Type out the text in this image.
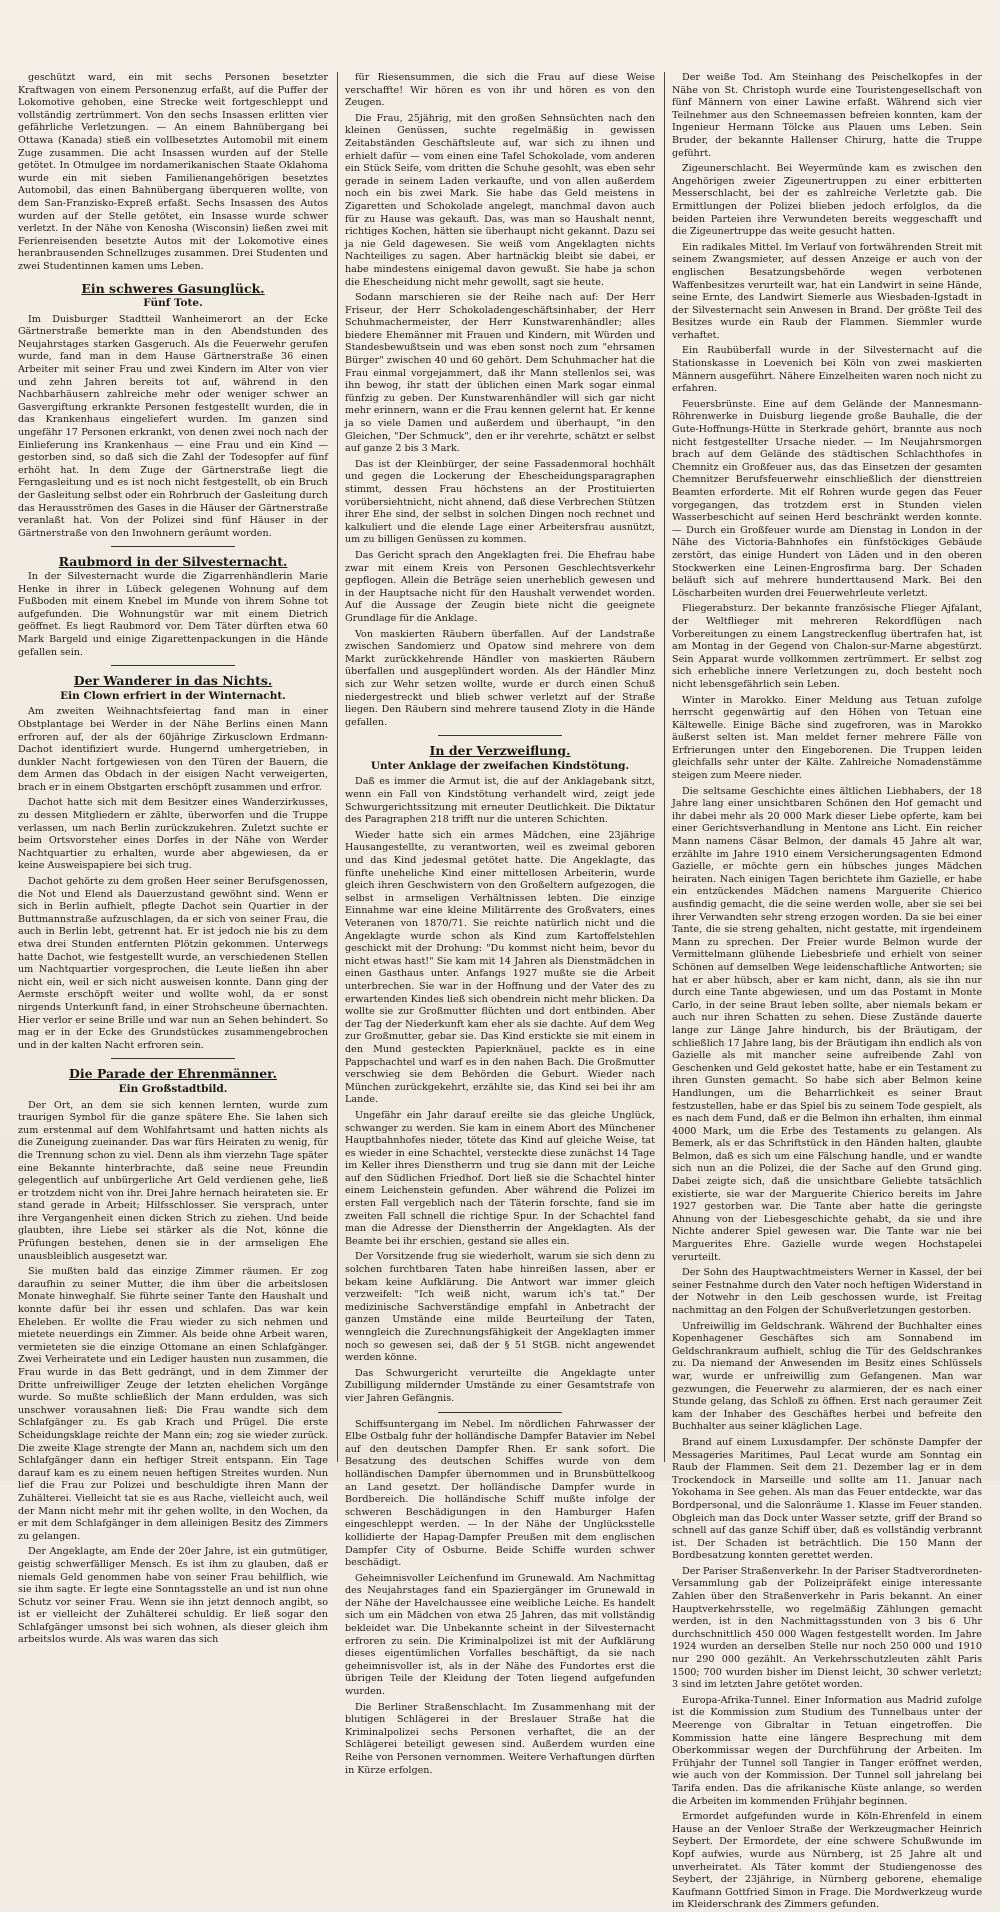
geschützt ward, ein mit sechs Personen besetzter Kraftwagen von einem Personenzug erfaßt, auf die Puffer der Lokomotive gehoben, eine Strecke weit fortgeschleppt und vollständig zertrümmert. Von den sechs Insassen erlitten vier gefährliche Verletzungen. — An einem Bahnübergang bei Ottawa (Kanada) stieß ein vollbesetztes Automobil mit einem Zuge zusammen. Die acht Insassen wurden auf der Stelle getötet. In Otmulgee im nordamerikanischen Staate Oklahoma wurde ein mit sieben Familienangehörigen besetztes Automobil, das einen Bahnübergang überqueren wollte, von dem San-Franzisko-Expreß erfaßt. Sechs Insassen des Autos wurden auf der Stelle getötet, ein Insasse wurde schwer verletzt. In der Nähe von Kenosha (Wisconsin) ließen zwei mit Ferienreisenden besetzte Autos mit der Lokomotive eines heranbrausenden Schnellzuges zusammen. Drei Studenten und zwei Studentinnen kamen ums Leben.

Ein schweres Gasunglück.
Fünf Tote.

Im Duisburger Stadtteil Wanheimerort an der Ecke Gärtnerstraße bemerkte man in den Abendstunden des Neujahrstages starken Gasgeruch. Als die Feuerwehr gerufen wurde, fand man in dem Hause Gärtnerstraße 36 einen Arbeiter mit seiner Frau und zwei Kindern im Alter von vier und zehn Jahren bereits tot auf, während in den Nachbarhäusern zahlreiche mehr oder weniger schwer an Gasvergiftung erkrankte Personen festgestellt wurden, die in das Krankenhaus eingeliefert wurden. Im ganzen sind ungefähr 17 Personen erkrankt, von denen zwei noch nach der Einlieferung ins Krankenhaus — eine Frau und ein Kind — gestorben sind, so daß sich die Zahl der Todesopfer auf fünf erhöht hat. In dem Zuge der Gärtnerstraße liegt die Ferngasleitung und es ist noch nicht festgestellt, ob ein Bruch der Gasleitung selbst oder ein Rohrbruch der Gasleitung durch das Herausströmen des Gases in die Häuser der Gärtnerstraße veranlaßt hat. Von der Polizei sind fünf Häuser in der Gärtnerstraße von den Inwohnern geräumt worden.

Raubmord in der Silvesternacht.

In der Silvesternacht wurde die Zigarrenhändlerin Marie Henke in ihrer in Lübeck gelegenen Wohnung auf dem Fußboden mit einem Knebel im Munde von ihrem Sohne tot aufgefunden. Die Wohnungstür war mit einem Dietrich geöffnet. Es liegt Raubmord vor. Dem Täter dürften etwa 60 Mark Bargeld und einige Zigarettenpackungen in die Hände gefallen sein.

Der Wanderer in das Nichts.
Ein Clown erfriert in der Winternacht.

Am zweiten Weihnachtsfeiertag fand man in einer Obstplantage bei Werder in der Nähe Berlins einen Mann erfroren auf, der als der 60jährige Zirkusclown Erdmann-Dachot identifiziert wurde. Hungernd umhergetrieben, in dunkler Nacht fortgewiesen von den Türen der Bauern, die dem Armen das Obdach in der eisigen Nacht verweigerten, brach er in einem Obstgarten erschöpft zusammen und erfror.

Dachot hatte sich mit dem Besitzer eines Wanderzirkusses, zu dessen Mitgliedern er zählte, überworfen und die Truppe verlassen, um nach Berlin zurückzukehren. Zuletzt suchte er beim Ortsvorsteher eines Dorfes in der Nähe von Werder Nachtquartier zu erhalten, wurde aber abgewiesen, da er keine Ausweispapiere bei sich trug.

Dachot gehörte zu dem großen Heer seiner Berufsgenossen, die Not und Elend als Dauerzustand gewöhnt sind. Wenn er sich in Berlin aufhielt, pflegte Dachot sein Quartier in der Buttmannstraße aufzuschlagen, da er sich von seiner Frau, die auch in Berlin lebt, getrennt hat. Er ist jedoch nie bis zu dem etwa drei Stunden entfernten Plötzin gekommen. Unterwegs hatte Dachot, wie festgestellt wurde, an verschiedenen Stellen um Nachtquartier vorgesprochen, die Leute ließen ihn aber nicht ein, weil er sich nicht ausweisen konnte. Dann ging der Aermste erschöpft weiter und wollte wohl, da er sonst nirgends Unterkunft fand, in einer Strohscheune übernachten. Hier verlor er seine Brille und war nun an Sehen behindert. So mag er in der Ecke des Grundstückes zusammengebrochen und in der kalten Nacht erfroren sein.

Die Parade der Ehrenmänner.
Ein Großstadtbild.

Der Ort, an dem sie sich kennen lernten, wurde zum traurigen Symbol für die ganze spätere Ehe. Sie lahen sich zum erstenmal auf dem Wohlfahrtsamt und hatten nichts als die Zuneigung zueinander. Das war fürs Heiraten zu wenig, für die Trennung schon zu viel. Denn als ihm vierzehn Tage später eine Bekannte hinterbrachte, daß seine neue Freundin gelegentlich auf unbürgerliche Art Geld verdienen gehe, ließ er trotzdem nicht von ihr. Drei Jahre hernach heirateten sie. Er stand gerade in Arbeit; Hilfsschlosser. Sie versprach, unter ihre Vergangenheit einen dicken Strich zu ziehen. Und beide glaubten, ihre Liebe sei stärker als die Not, könne die Prüfungen bestehen, denen sie in der armseligen Ehe unausbleiblich ausgesetzt war.

Sie mußten bald das einzige Zimmer räumen. Er zog daraufhin zu seiner Mutter, die ihm über die arbeitslosen Monate hinweghalf. Sie führte seiner Tante den Haushalt und konnte dafür bei ihr essen und schlafen. Das war kein Eheleben. Er wollte die Frau wieder zu sich nehmen und mietete neuerdings ein Zimmer. Als beide ohne Arbeit waren, vermieteten sie die einzige Ottomane an einen Schlafgänger. Zwei Verheiratete und ein Lediger hausten nun zusammen, die Frau wurde in das Bett gedrängt, und in dem Zimmer der Dritte unfreiwilliger Zeuge der letzten ehelichen Vorgänge wurde. So mußte schließlich der Mann erdulden, was sich unschwer vorausahnen ließ: Die Frau wandte sich dem Schlafgänger zu. Es gab Krach und Prügel. Die erste Scheidungsklage reichte der Mann ein; zog sie wieder zurück. Die zweite Klage strengte der Mann an, nachdem sich um den Schlafgänger dann ein heftiger Streit entspann. Ein Tage darauf kam es zu einem neuen heftigen Streites wurden. Nun lief die Frau zur Polizei und beschuldigte ihren Mann der Zuhälterei. Vielleicht tat sie es aus Rache, vielleicht auch, weil der Mann nicht mehr mit ihr gehen wollte, in den Wochen, da er mit dem Schlafgänger in dem alleinigen Besitz des Zimmers zu gelangen.

Der Angeklagte, am Ende der 20er Jahre, ist ein gutmütiger, geistig schwerfälliger Mensch. Es ist ihm zu glauben, daß er niemals Geld genommen habe von seiner Frau behilflich, wie sie ihm sagte. Er legte eine Sonntagsstelle an und ist nun ohne Schutz vor seiner Frau. Wenn sie ihn jetzt dennoch angibt, so ist er vielleicht der Zuhälterei schuldig. Er ließ sogar den Schlafgänger umsonst bei sich wohnen, als dieser gleich ihm arbeitslos wurde. Als was waren das sich

für Riesensummen, die sich die Frau auf diese Weise verschaffte! Wir hören es von ihr und hören es von den Zeugen.

Die Frau, 25jährig, mit den großen Sehnsüchten nach den kleinen Genüssen, suchte regelmäßig in gewissen Zeitabständen Geschäftsleute auf, war sich zu ihnen und erhielt dafür — vom einen eine Tafel Schokolade, vom anderen ein Stück Seife, vom dritten die Schuhe gesohlt, was eben sehr gerade in seinem Laden verkaufte, und von allen außerdem noch ein bis zwei Mark. Sie habe das Geld meistens in Zigaretten und Schokolade angelegt, manchmal davon auch für zu Hause was gekauft. Das, was man so Haushalt nennt, richtiges Kochen, hätten sie überhaupt nicht gekannt. Dazu sei ja nie Geld dagewesen. Sie weiß vom Angeklagten nichts Nachteiliges zu sagen. Aber hartnäckig bleibt sie dabei, er habe mindestens einigemal davon gewußt. Sie habe ja schon die Ehescheidung nicht mehr gewollt, sagt sie heute.

Sodann marschieren sie der Reihe nach auf: Der Herr Friseur, der Herr Schokoladengeschäftsinhaber, der Herr Schuhmachermeister, der Herr Kunstwarenhändler; alles biedere Ehemänner mit Frauen und Kindern, mit Würden und Standesbewußtsein und was eben sonst noch zum "ehrsamen Bürger" zwischen 40 und 60 gehört. Dem Schuhmacher hat die Frau einmal vorgejammert, daß ihr Mann stellenlos sei, was ihn bewog, ihr statt der üblichen einen Mark sogar einmal fünfzig zu geben. Der Kunstwarenhändler will sich gar nicht mehr erinnern, wann er die Frau kennen gelernt hat. Er kenne ja so viele Damen und außerdem und überhaupt, "in den Gleichen, "Der Schmuck", den er ihr verehrte, schätzt er selbst auf ganze 2 bis 3 Mark.

Das ist der Kleinbürger, der seine Fassadenmoral hochhält und gegen die Lockerung der Ehescheidungsparagraphen stimmt, dessen Frau höchstens an der Prostituierten vorübersiehtnicht, nicht ahnend, daß diese Verbrechen Stützen ihrer Ehe sind, der selbst in solchen Dingen noch rechnet und kalkuliert und die elende Lage einer Arbeitersfrau ausnützt, um zu billigen Genüssen zu kommen.

Das Gericht sprach den Angeklagten frei. Die Ehefrau habe zwar mit einem Kreis von Personen Geschlechtsverkehr gepflogen. Allein die Beträge seien unerheblich gewesen und in der Hauptsache nicht für den Haushalt verwendet worden. Auf die Aussage der Zeugin biete nicht die geeignete Grundlage für die Anklage.

Von maskierten Räubern überfallen. Auf der Landstraße zwischen Sandomierz und Opatow sind mehrere von dem Markt zurückkehrende Händler von maskierten Räubern überfallen und ausgeplündert worden. Als der Händler Minz sich zur Wehr setzen wollte, wurde er durch einen Schuß niedergestreckt und blieb schwer verletzt auf der Straße liegen. Den Räubern sind mehrere tausend Zloty in die Hände gefallen.

In der Verzweiflung.
Unter Anklage der zweifachen Kindstötung.

Daß es immer die Armut ist, die auf der Anklagebank sitzt, wenn ein Fall von Kindstötung verhandelt wird, zeigt jede Schwurgerichtssitzung mit erneuter Deutlichkeit. Die Diktatur des Paragraphen 218 trifft nur die unteren Schichten.

Wieder hatte sich ein armes Mädchen, eine 23jährige Hausangestellte, zu verantworten, weil es zweimal geboren und das Kind jedesmal getötet hatte. Die Angeklagte, das fünfte uneheliche Kind einer mittellosen Arbeiterin, wurde gleich ihren Geschwistern von den Großeltern aufgezogen, die selbst in armseligen Verhältnissen lebten. Die einzige Einnahme war eine kleine Militärrente des Großvaters, eines Veteranen von 1870/71. Sie reichte natürlich nicht und die Angeklagte wurde schon als Kind zum Kartoffelstehlen geschickt mit der Drohung: "Du kommst nicht heim, bevor du nicht etwas hast!" Sie kam mit 14 Jahren als Dienstmädchen in einen Gasthaus unter. Anfangs 1927 mußte sie die Arbeit unterbrechen. Sie war in der Hoffnung und der Vater des zu erwartenden Kindes ließ sich obendrein nicht mehr blicken. Da wollte sie zur Großmutter flüchten und dort entbinden. Aber der Tag der Niederkunft kam eher als sie dachte. Auf dem Weg zur Großmutter, gebar sie. Das Kind erstickte sie mit einem in den Mund gesteckten Papierknäuel, packte es in eine Pappschachtel und warf es in den nahen Bach. Die Großmutter verschwieg sie dem Behörden die Geburt. Wieder nach München zurückgekehrt, erzählte sie, das Kind sei bei ihr am Lande.

Ungefähr ein Jahr darauf ereilte sie das gleiche Unglück, schwanger zu werden. Sie kam in einem Abort des Münchener Hauptbahnhofes nieder, tötete das Kind auf gleiche Weise, tat es wieder in eine Schachtel, versteckte diese zunächst 14 Tage im Keller ihres Dienstherrn und trug sie dann mit der Leiche auf den Südlichen Friedhof. Dort ließ sie die Schachtel hinter einem Leichenstein gefunden. Aber während die Polizei im ersten Fall vergeblich nach der Täterin forschte, fand sie im zweiten Fall schnell die richtige Spur. In der Schachtel fand man die Adresse der Dienstherrin der Angeklagten. Als der Beamte bei ihr erschien, gestand sie alles ein.

Der Vorsitzende frug sie wiederholt, warum sie sich denn zu solchen furchtbaren Taten habe hinreißen lassen, aber er bekam keine Aufklärung. Die Antwort war immer gleich verzweifelt: "Ich weiß nicht, warum ich's tat." Der medizinische Sachverständige empfahl in Anbetracht der ganzen Umstände eine milde Beurteilung der Taten, wenngleich die Zurechnungsfähigkeit der Angeklagten immer noch so gewesen sei, daß der § 51 StGB. nicht angewendet werden könne.

Das Schwurgericht verurteilte die Angeklagte unter Zubilligung mildernder Umstände zu einer Gesamtstrafe von vier Jahren Gefängnis.

Schiffsuntergang im Nebel. Im nördlichen Fahrwasser der Elbe Ostbalg fuhr der holländische Dampfer Batavier im Nebel auf den deutschen Dampfer Rhen. Er sank sofort. Die Besatzung des deutschen Schiffes wurde von dem holländischen Dampfer übernommen und in Brunsbüttelkoog an Land gesetzt. Der holländische Dampfer wurde in Bordbereich. Die holländische Schiff mußte infolge der schweren Beschädigungen in den Hamburger Hafen eingeschleppt werden. — In der Nähe der Unglücksstelle kollidierte der Hapag-Dampfer Preußen mit dem englischen Dampfer City of Osburne. Beide Schiffe wurden schwer beschädigt.

Geheimnisvoller Leichenfund im Grunewald. Am Nachmittag des Neujahrstages fand ein Spaziergänger im Grunewald in der Nähe der Havelchaussee eine weibliche Leiche. Es handelt sich um ein Mädchen von etwa 25 Jahren, das mit vollständig bekleidet war. Die Unbekannte scheint in der Silvesternacht erfroren zu sein. Die Kriminalpolizei ist mit der Aufklärung dieses eigentümlichen Vorfalles beschäftigt, da sie nach geheimnisvoller ist, als in der Nähe des Fundortes erst die übrigen Teile der Kleidung der Toten liegend aufgefunden wurden.

Die Berliner Straßenschlacht. Im Zusammenhang mit der blutigen Schlägerei in der Breslauer Straße hat die Kriminalpolizei sechs Personen verhaftet, die an der Schlägerei beteiligt gewesen sind. Außerdem wurden eine Reihe von Personen vernommen. Weitere Verhaftungen dürften in Kürze erfolgen.

Der weiße Tod. Am Steinhang des Peischelkopfes in der Nähe von St. Christoph wurde eine Touristengesellschaft von fünf Männern von einer Lawine erfaßt. Während sich vier Teilnehmer aus den Schneemassen befreien konnten, kam der Ingenieur Hermann Tölcke aus Plauen ums Leben. Sein Bruder, der bekannte Hallenser Chirurg, hatte die Truppe geführt.

Zigeunerschlacht. Bei Weyermünde kam es zwischen den Angehörigen zweier Zigeunertruppen zu einer erbitterten Messerschlacht, bei der es zahlreiche Verletzte gab. Die Ermittlungen der Polizei blieben jedoch erfolglos, da die beiden Parteien ihre Verwundeten bereits weggeschafft und die Zigeunertruppe das weite gesucht hatten.

Ein radikales Mittel. Im Verlauf von fortwährenden Streit mit seinem Zwangsmieter, auf dessen Anzeige er auch von der englischen Besatzungsbehörde wegen verbotenen Waffenbesitzes verurteilt war, hat ein Landwirt in seine Hände, seine Ernte, des Landwirt Siemerle aus Wiesbaden-Igstadt in der Silvesternacht sein Anwesen in Brand. Der größte Teil des Besitzes wurde ein Raub der Flammen. Siemmler wurde verhaftet.

Ein Raubüberfall wurde in der Silvesternacht auf die Stationskasse in Loevenich bei Köln von zwei maskierten Männern ausgeführt. Nähere Einzelheiten waren noch nicht zu erfahren.

Feuersbrünste. Eine auf dem Gelände der Mannesmann-Röhrenwerke in Duisburg liegende große Bauhalle, die der Gute-Hoffnungs-Hütte in Sterkrade gehört, brannte aus noch nicht festgestellter Ursache nieder. — Im Neujahrsmorgen brach auf dem Gelände des städtischen Schlachthofes in Chemnitz ein Großfeuer aus, das das Einsetzen der gesamten Chemnitzer Berufsfeuerwehr einschließlich der diensttreien Beamten erforderte. Mit elf Rohren wurde gegen das Feuer vorgegangen, das trotzdem erst in Stunden vielen Wasserbeschicht auf seinen Herd beschränkt werden konnte. — Durch ein Großfeuer wurde am Dienstag in London in der Nähe des Victoria-Bahnhofes ein fünfstöckiges Gebäude zerstört, das einige Hundert von Läden und in den oberen Stockwerken eine Leinen-Engrosfirma barg. Der Schaden beläuft sich auf mehrere hunderttausend Mark. Bei den Löscharbeiten wurden drei Feuerwehrleute verletzt.

Fliegerabsturz. Der bekannte französische Flieger Ajfalant, der Weltflieger mit mehreren Rekordflügen nach Vorbereitungen zu einem Langstreckenflug übertrafen hat, ist am Montag in der Gegend von Chalon-sur-Marne abgestürzt. Sein Apparat wurde vollkommen zertrümmert. Er selbst zog sich erhebliche innere Verletzungen zu, doch besteht noch nicht lebensgefährlich sein Leben.

Winter in Marokko. Einer Meldung aus Tetuan zufolge herrscht gegenwärtig auf den Höhen von Tetuan eine Kältewelle. Einige Bäche sind zugefroren, was in Marokko äußerst selten ist. Man meldet ferner mehrere Fälle von Erfrierungen unter den Eingeborenen. Die Truppen leiden gleichfalls sehr unter der Kälte. Zahlreiche Nomadenstämme steigen zum Meere nieder.

Die seltsame Geschichte eines ältlichen Liebhabers, der 18 Jahre lang einer unsichtbaren Schönen den Hof gemacht und ihr dabei mehr als 20 000 Mark dieser Liebe opferte, kam bei einer Gerichtsverhandlung in Mentone ans Licht. Ein reicher Mann namens Cäsar Belmon, der damals 45 Jahre alt war, erzählte im Jahre 1910 einem Versicherungsagenten Edmond Gazielle, er möchte gern ein hübsches junges Mädchen heiraten. Nach einigen Tagen berichtete ihm Gazielle, er habe ein entzückendes Mädchen namens Marguerite Chierico ausfindig gemacht, die die seine werden wolle, aber sie sei bei ihrer Verwandten sehr streng erzogen worden. Da sie bei einer Tante, die sie streng gehalten, nicht gestatte, mit irgendeinem Mann zu sprechen. Der Freier wurde Belmon wurde der Vermittelmann glühende Liebesbriefe und erhielt von seiner Schönen auf demselben Wege leidenschaftliche Antworten; sie hat er aber hübsch, aber er kam nicht, dann, als sie ihn nur durch eine Tante abgewiesen, und um das Postamt in Monte Carlo, in der seine Braut leben sollte, aber niemals bekam er auch nur ihren Schatten zu sehen. Diese Zustände dauerte lange zur Länge Jahre hindurch, bis der Bräutigam, der schließlich 17 Jahre lang, bis der Bräutigam ihn endlich als von Gazielle als mit mancher seine aufreibende Zahl von Geschenken und Geld gekostet hatte, habe er ein Testament zu ihren Gunsten gemacht. So habe sich aber Belmon keine Handlungen, um die Beharrlichkeit es seiner Braut festzustellen, habe er das Spiel bis zu seinem Tode gespielt, als es nach dem Fund, daß er die Belmon ihn erhalten, ihm einmal 4000 Mark, um die Erbe des Testaments zu gelangen. Als Bemerk, als er das Schriftstück in den Händen halten, glaubte Belmon, daß es sich um eine Fälschung handle, und er wandte sich nun an die Polizei, die der Sache auf den Grund ging. Dabei zeigte sich, daß die unsichtbare Geliebte tatsächlich existierte, sie war der Marguerite Chierico bereits im Jahre 1927 gestorben war. Die Tante aber hatte die geringste Ahnung von der Liebesgeschichte gehabt, da sie und ihre Nichte anderer Spiel gewesen war. Die Tante war nie bei Marguerites Ehre. Gazielle wurde wegen Hochstapelei verurteilt.

Der Sohn des Hauptwachtmeisters Werner in Kassel, der bei seiner Festnahme durch den Vater noch heftigen Widerstand in der Notwehr in den Leib geschossen wurde, ist Freitag nachmittag an den Folgen der Schußverletzungen gestorben.

Unfreiwillig im Geldschrank. Während der Buchhalter eines Kopenhagener Geschäftes sich am Sonnabend im Geldschrankraum aufhielt, schlug die Tür des Geldschrankes zu. Da niemand der Anwesenden im Besitz eines Schlüssels war, wurde er unfreiwillig zum Gefangenen. Man war gezwungen, die Feuerwehr zu alarmieren, der es nach einer Stunde gelang, das Schloß zu öffnen. Erst nach geraumer Zeit kam der Inhaber des Geschäftes herbei und befreite den Buchhalter aus seiner kläglichen Lage.

Brand auf einem Luxusdampfer. Der schönste Dampfer der Messageries Maritimes, Paul Lecat wurde am Sonntag ein Raub der Flammen. Seit dem 21. Dezember lag er in dem Trockendock in Marseille und sollte am 11. Januar nach Yokohama in See gehen. Als man das Feuer entdeckte, war das Bordpersonal, und die Salonräume 1. Klasse im Feuer standen. Obgleich man das Dock unter Wasser setzte, griff der Brand so schnell auf das ganze Schiff über, daß es vollständig verbrannt ist. Der Schaden ist beträchtlich. Die 150 Mann der Bordbesatzung konnten gerettet werden.

Der Pariser Straßenverkehr. In der Pariser Stadtverordneten-Versammlung gab der Polizeipräfekt einige interessante Zahlen über den Straßenverkehr in Paris bekannt. An einer Hauptverkehrsstelle, wo regelmäßig Zählungen gemacht werden, ist in den Nachmittagsstunden von 3 bis 6 Uhr durchschnittlich 450 000 Wagen festgestellt worden. Im Jahre 1924 wurden an derselben Stelle nur noch 250 000 und 1910 nur 290 000 gezählt. An Verkehrsschutzleuten zählt Paris 1500; 700 wurden bisher im Dienst leicht, 30 schwer verletzt; 3 sind im letzten Jahre getötet worden.

Europa-Afrika-Tunnel. Einer Information aus Madrid zufolge ist die Kommission zum Studium des Tunnelbaus unter der Meerenge von Gibraltar in Tetuan eingetroffen. Die Kommission hatte eine längere Besprechung mit dem Oberkommissar wegen der Durchführung der Arbeiten. Im Frühjahr der Tunnel soll Tangier in Tanger eröffnet werden, wie auch von der Kommission. Der Tunnel soll jahrelang bei Tarifa enden. Das die afrikanische Küste anlange, so werden die Arbeiten im kommenden Frühjahr beginnen.

Ermordet aufgefunden wurde in Köln-Ehrenfeld in einem Hause an der Venloer Straße der Werkzeugmacher Heinrich Seybert. Der Ermordete, der eine schwere Schußwunde im Kopf aufwies, wurde aus Nürnberg, ist 25 Jahre alt und unverheiratet. Als Täter kommt der Studiengenosse des Seybert, der 23jährige, in Nürnberg geborene, ehemalige Kaufmann Gottfried Simon in Frage. Die Mordwerkzeug wurde im Kleiderschrank des Zimmers gefunden.
